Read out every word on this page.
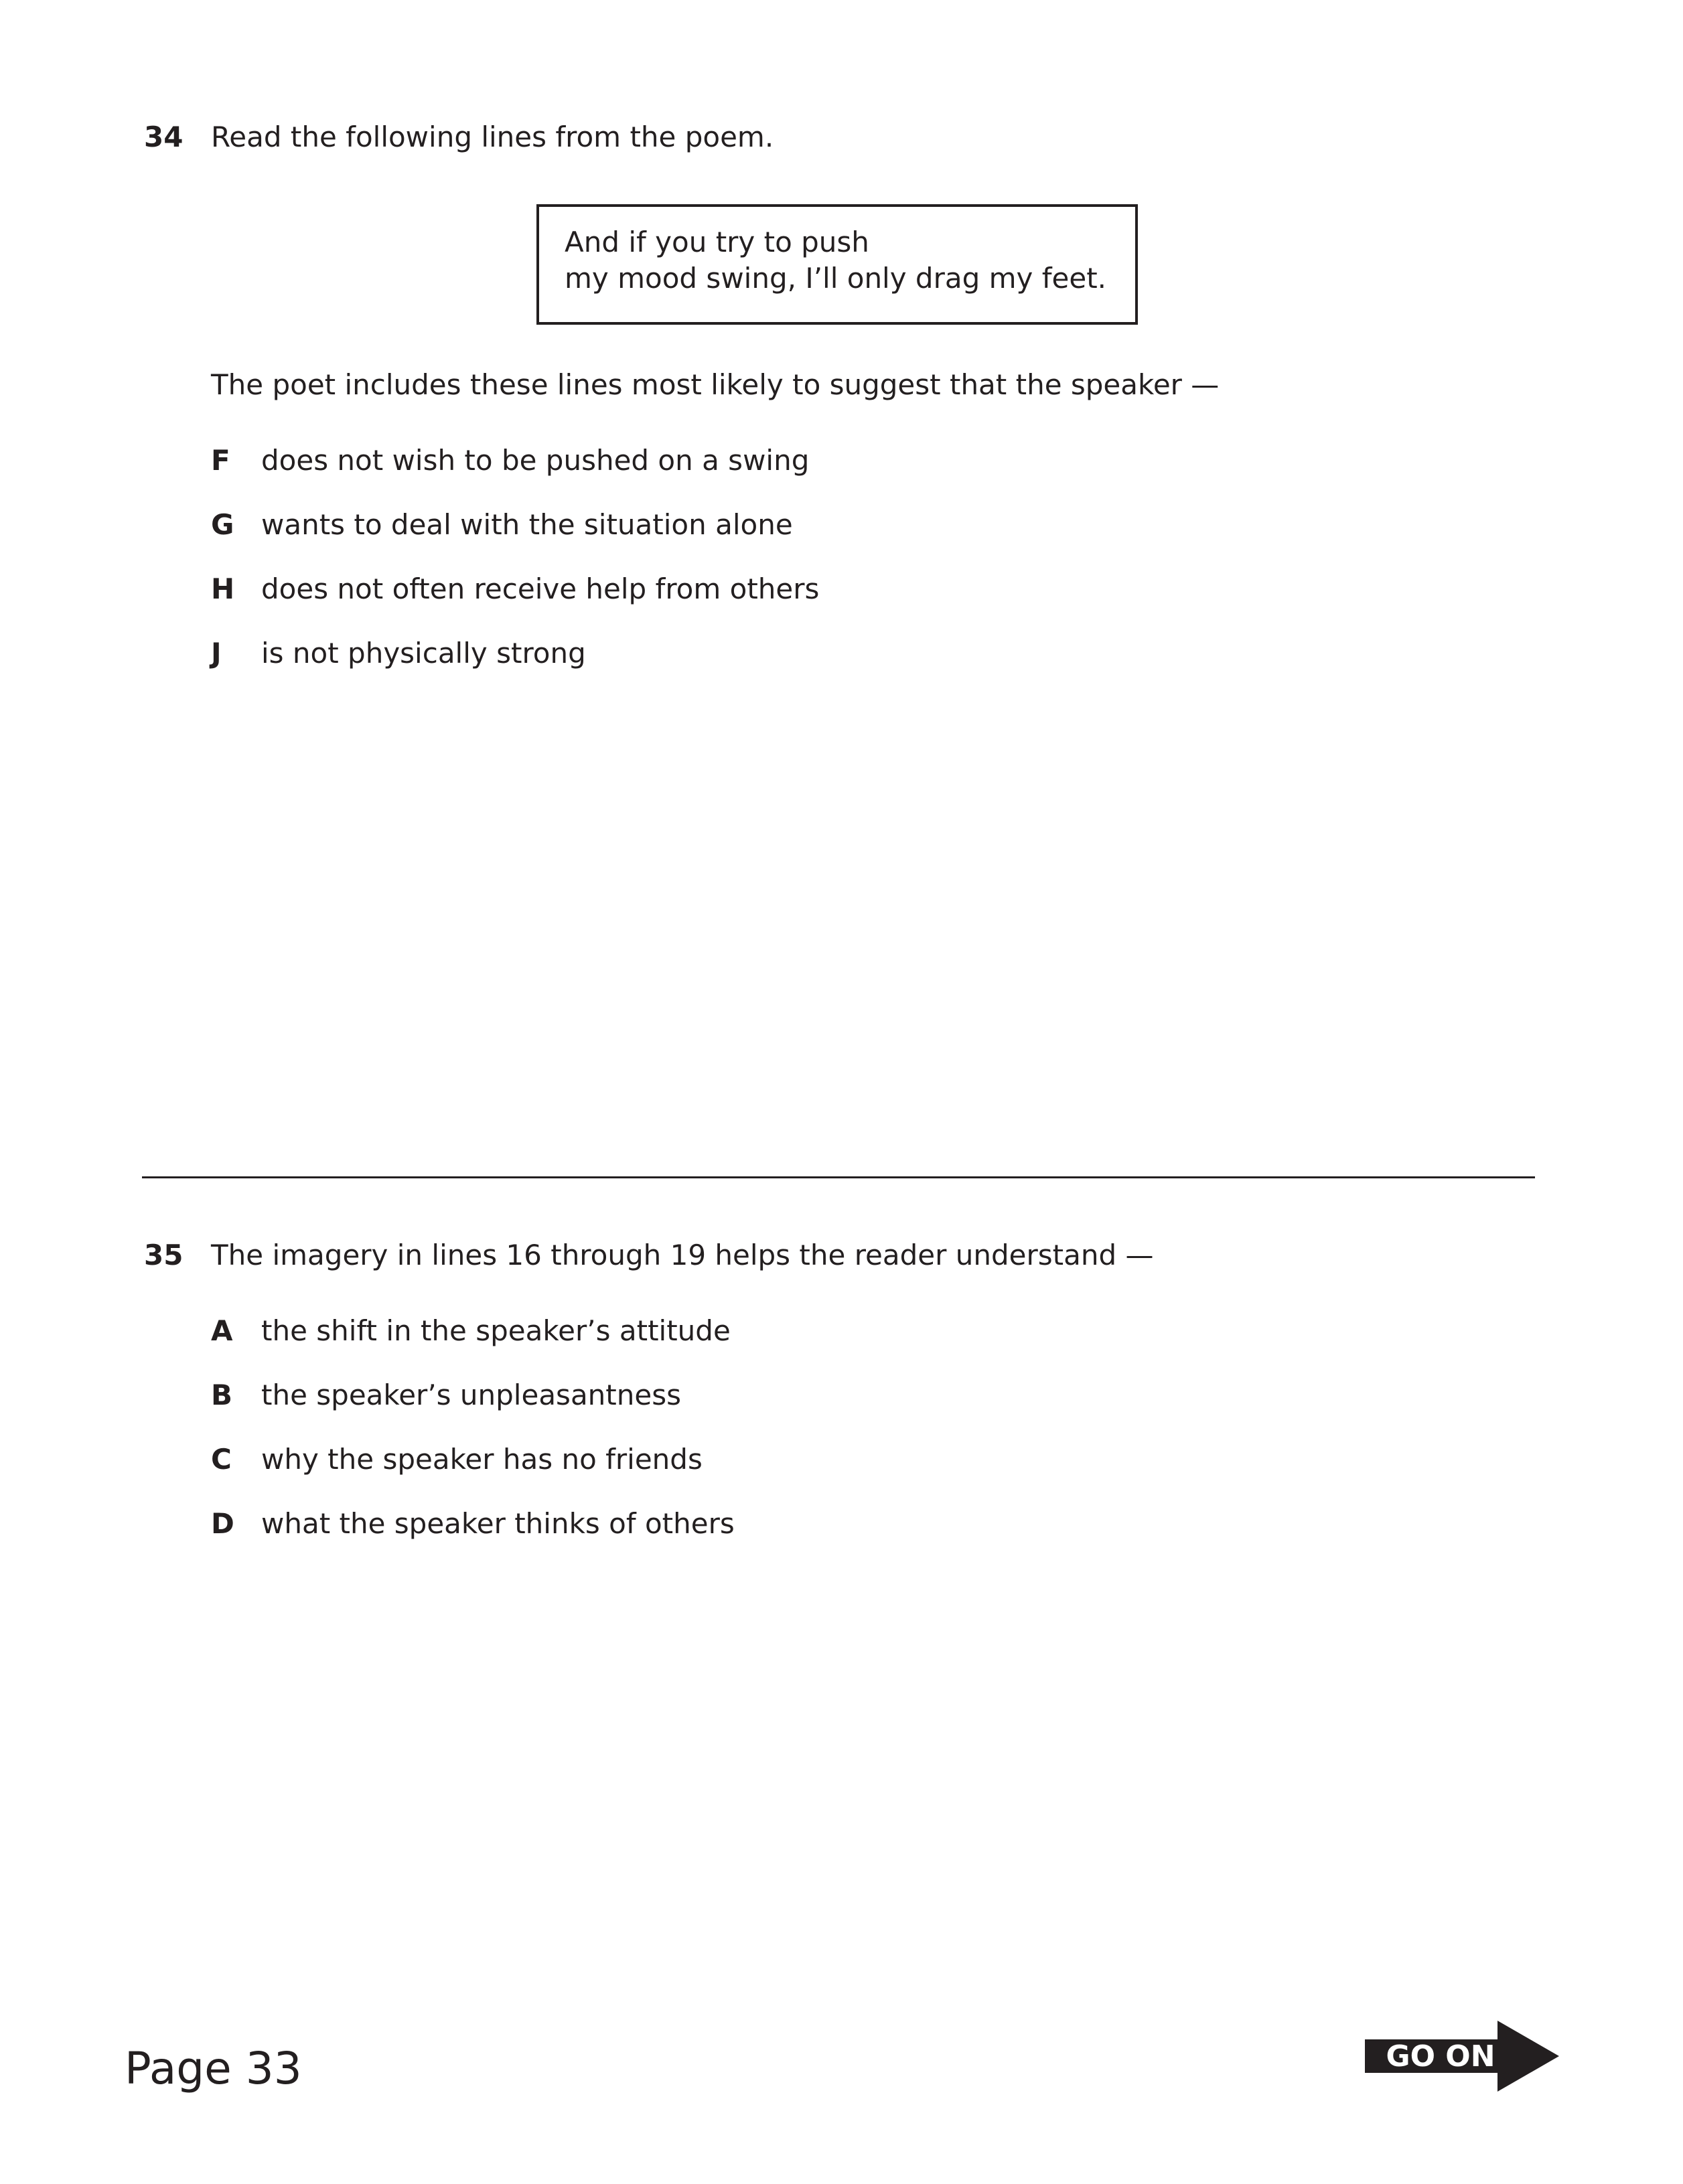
34 Read the following lines from the poem.
And if you try to push
my mood swing, I’ll only drag my feet.
The poet includes these lines most likely to suggest that the speaker —
F does not wish to be pushed on a swing
G wants to deal with the situation alone
H does not often receive help from others
J is not physically strong
35 The imagery in lines 16 through 19 helps the reader understand —
A the shift in the speaker’s attitude
B the speaker’s unpleasantness
C why the speaker has no friends
D what the speaker thinks of others
Page 33	GO ON
